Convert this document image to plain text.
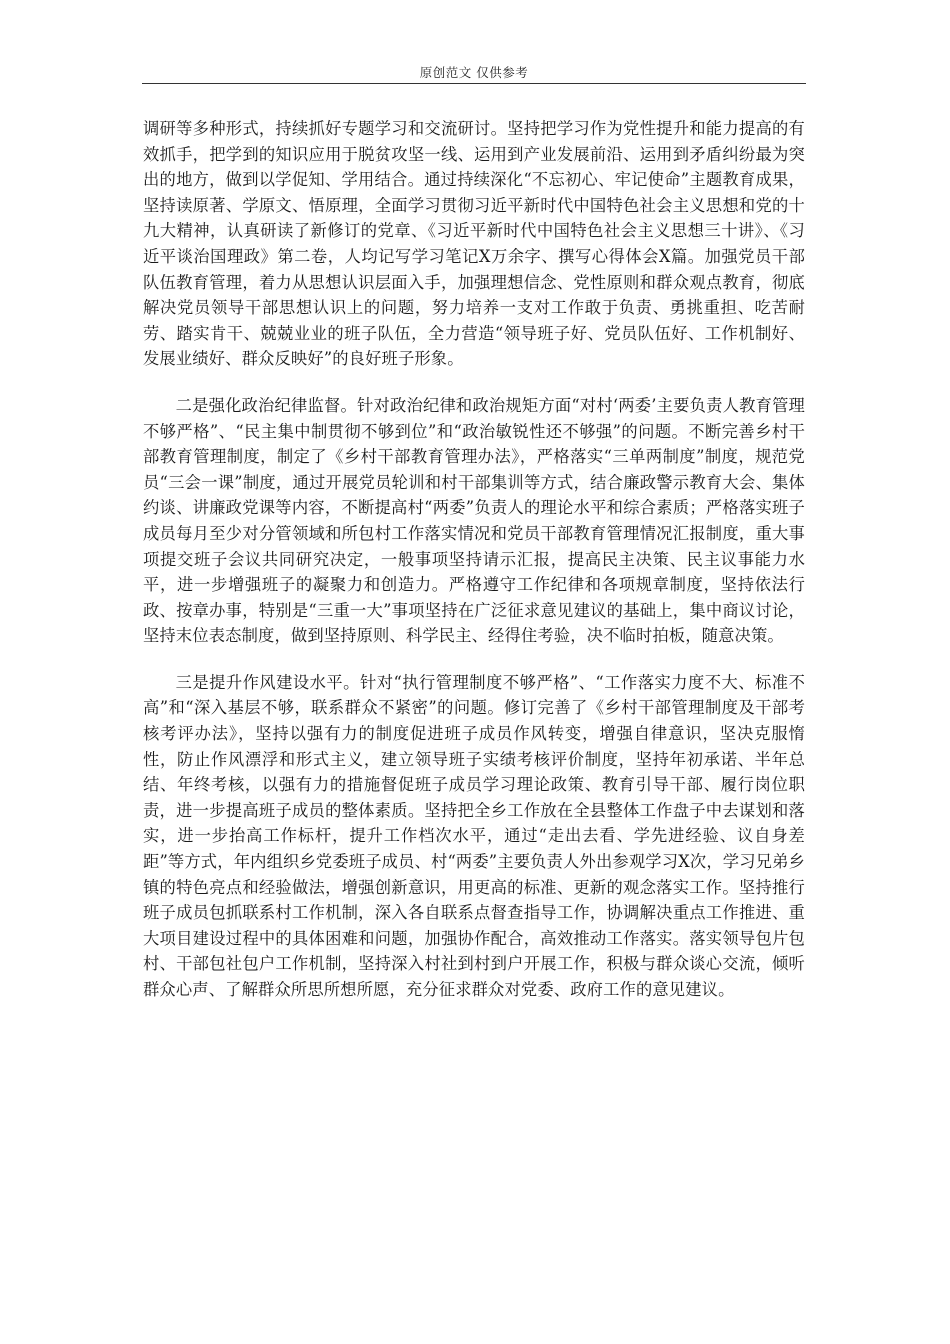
原创范文 仅供参考

调研等多种形式，持续抓好专题学习和交流研讨。坚持把学习作为党性提升和能力提高的有效抓手，把学到的知识应用于脱贫攻坚一线、运用到产业发展前沿、运用到矛盾纠纷最为突出的地方，做到以学促知、学用结合。通过持续深化“不忘初心、牢记使命”主题教育成果，坚持读原著、学原文、悟原理，全面学习贯彻习近平新时代中国特色社会主义思想和党的十九大精神，认真研读了新修订的党章、《习近平新时代中国特色社会主义思想三十讲》、《习近平谈治国理政》第二卷，人均记写学习笔记X万余字、撰写心得体会X篇。加强党员干部队伍教育管理，着力从思想认识层面入手，加强理想信念、党性原则和群众观点教育，彻底解决党员领导干部思想认识上的问题，努力培养一支对工作敢于负责、勇挑重担、吃苦耐劳、踏实肯干、兢兢业业的班子队伍，全力营造“领导班子好、党员队伍好、工作机制好、发展业绩好、群众反映好”的良好班子形象。

二是强化政治纪律监督。针对政治纪律和政治规矩方面“对村‘两委’主要负责人教育管理不够严格”、“民主集中制贯彻不够到位”和“政治敏锐性还不够强”的问题。不断完善乡村干部教育管理制度，制定了《乡村干部教育管理办法》，严格落实“三单两制度”制度，规范党员“三会一课”制度，通过开展党员轮训和村干部集训等方式，结合廉政警示教育大会、集体约谈、讲廉政党课等内容，不断提高村“两委”负责人的理论水平和综合素质；严格落实班子成员每月至少对分管领域和所包村工作落实情况和党员干部教育管理情况汇报制度，重大事项提交班子会议共同研究决定，一般事项坚持请示汇报，提高民主决策、民主议事能力水平，进一步增强班子的凝聚力和创造力。严格遵守工作纪律和各项规章制度，坚持依法行政、按章办事，特别是“三重一大”事项坚持在广泛征求意见建议的基础上，集中商议讨论，坚持末位表态制度，做到坚持原则、科学民主、经得住考验，决不临时拍板，随意决策。

三是提升作风建设水平。针对“执行管理制度不够严格”、“工作落实力度不大、标准不高”和“深入基层不够，联系群众不紧密”的问题。修订完善了《乡村干部管理制度及干部考核考评办法》，坚持以强有力的制度促进班子成员作风转变，增强自律意识，坚决克服惰性，防止作风漂浮和形式主义，建立领导班子实绩考核评价制度，坚持年初承诺、半年总结、年终考核，以强有力的措施督促班子成员学习理论政策、教育引导干部、履行岗位职责，进一步提高班子成员的整体素质。坚持把全乡工作放在全县整体工作盘子中去谋划和落实，进一步抬高工作标杆，提升工作档次水平，通过“走出去看、学先进经验、议自身差距”等方式，年内组织乡党委班子成员、村“两委”主要负责人外出参观学习X次，学习兄弟乡镇的特色亮点和经验做法，增强创新意识，用更高的标准、更新的观念落实工作。坚持推行班子成员包抓联系村工作机制，深入各自联系点督查指导工作，协调解决重点工作推进、重大项目建设过程中的具体困难和问题，加强协作配合，高效推动工作落实。落实领导包片包村、干部包社包户工作机制，坚持深入村社到村到户开展工作，积极与群众谈心交流，倾听群众心声、了解群众所思所想所愿，充分征求群众对党委、政府工作的意见建议。
